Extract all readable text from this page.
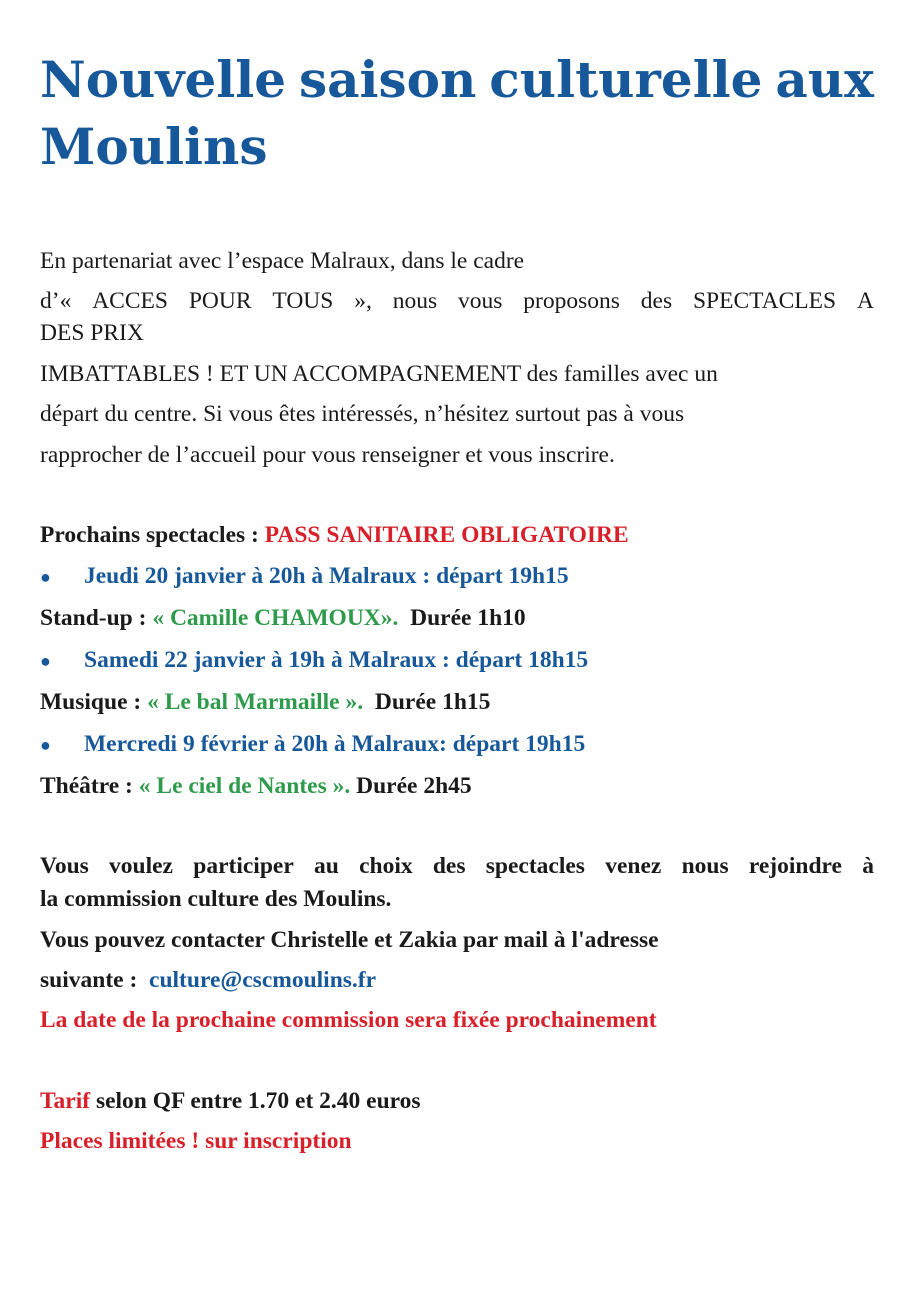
Nouvelle saison culturelle aux
Moulins
En partenariat avec l’espace Malraux, dans le cadre
d’« ACCES POUR TOUS », nous vous proposons des SPECTACLES A
DES PRIX
IMBATTABLES ! ET UN ACCOMPAGNEMENT des familles avec un
départ du centre. Si vous êtes intéressés, n’hésitez surtout pas à vous
rapprocher de l’accueil pour vous renseigner et vous inscrire.
Prochains spectacles : PASS SANITAIRE OBLIGATOIRE
● Jeudi 20 janvier à 20h à Malraux : départ 19h15
Stand-up : « Camille CHAMOUX».  Durée 1h10
● Samedi 22 janvier à 19h à Malraux : départ 18h15
Musique : « Le bal Marmaille ».  Durée 1h15
● Mercredi 9 février à 20h à Malraux: départ 19h15
Théâtre : « Le ciel de Nantes ». Durée 2h45
Vous voulez participer au choix des spectacles venez nous rejoindre à
la commission culture des Moulins.
Vous pouvez contacter Christelle et Zakia par mail à l'adresse
suivante :  culture@cscmoulins.fr
La date de la prochaine commission sera fixée prochainement
Tarif selon QF entre 1.70 et 2.40 euros
Places limitées ! sur inscription
